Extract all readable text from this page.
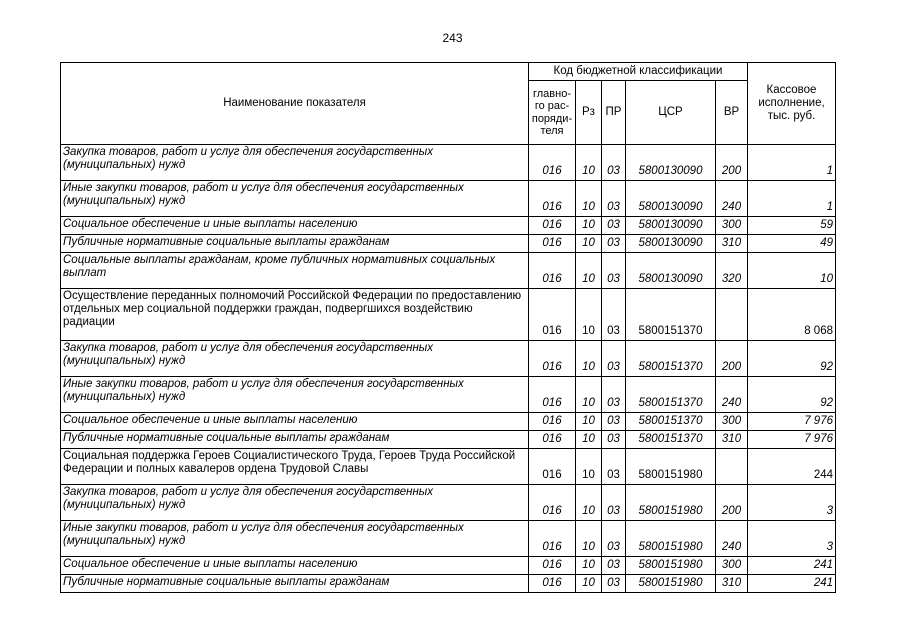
243
Наименование показателя	Код бюджетной классификации					Кассовое исполнение, тыс. руб.
	главно-го рас-поряди-теля	Рз	ПР	ЦСР	ВР	
Закупка товаров, работ и услуг для обеспечения государственных (муниципальных) нужд	016	10	03	5800130090	200	1
Иные закупки товаров, работ и услуг для обеспечения государственных (муниципальных) нужд	016	10	03	5800130090	240	1
Социальное обеспечение и иные выплаты населению	016	10	03	5800130090	300	59
Публичные нормативные социальные выплаты гражданам	016	10	03	5800130090	310	49
Социальные выплаты гражданам, кроме публичных нормативных социальных выплат	016	10	03	5800130090	320	10
Осуществление переданных полномочий Российской Федерации по предоставлению отдельных мер социальной поддержки граждан, подвергшихся воздействию радиации	016	10	03	5800151370		8 068
Закупка товаров, работ и услуг для обеспечения государственных (муниципальных) нужд	016	10	03	5800151370	200	92
Иные закупки товаров, работ и услуг для обеспечения государственных (муниципальных) нужд	016	10	03	5800151370	240	92
Социальное обеспечение и иные выплаты населению	016	10	03	5800151370	300	7 976
Публичные нормативные социальные выплаты гражданам	016	10	03	5800151370	310	7 976
Социальная поддержка Героев Социалистического Труда, Героев Труда Российской Федерации и полных кавалеров ордена Трудовой Славы	016	10	03	5800151980		244
Закупка товаров, работ и услуг для обеспечения государственных (муниципальных) нужд	016	10	03	5800151980	200	3
Иные закупки товаров, работ и услуг для обеспечения государственных (муниципальных) нужд	016	10	03	5800151980	240	3
Социальное обеспечение и иные выплаты населению	016	10	03	5800151980	300	241
Публичные нормативные социальные выплаты гражданам	016	10	03	5800151980	310	241
